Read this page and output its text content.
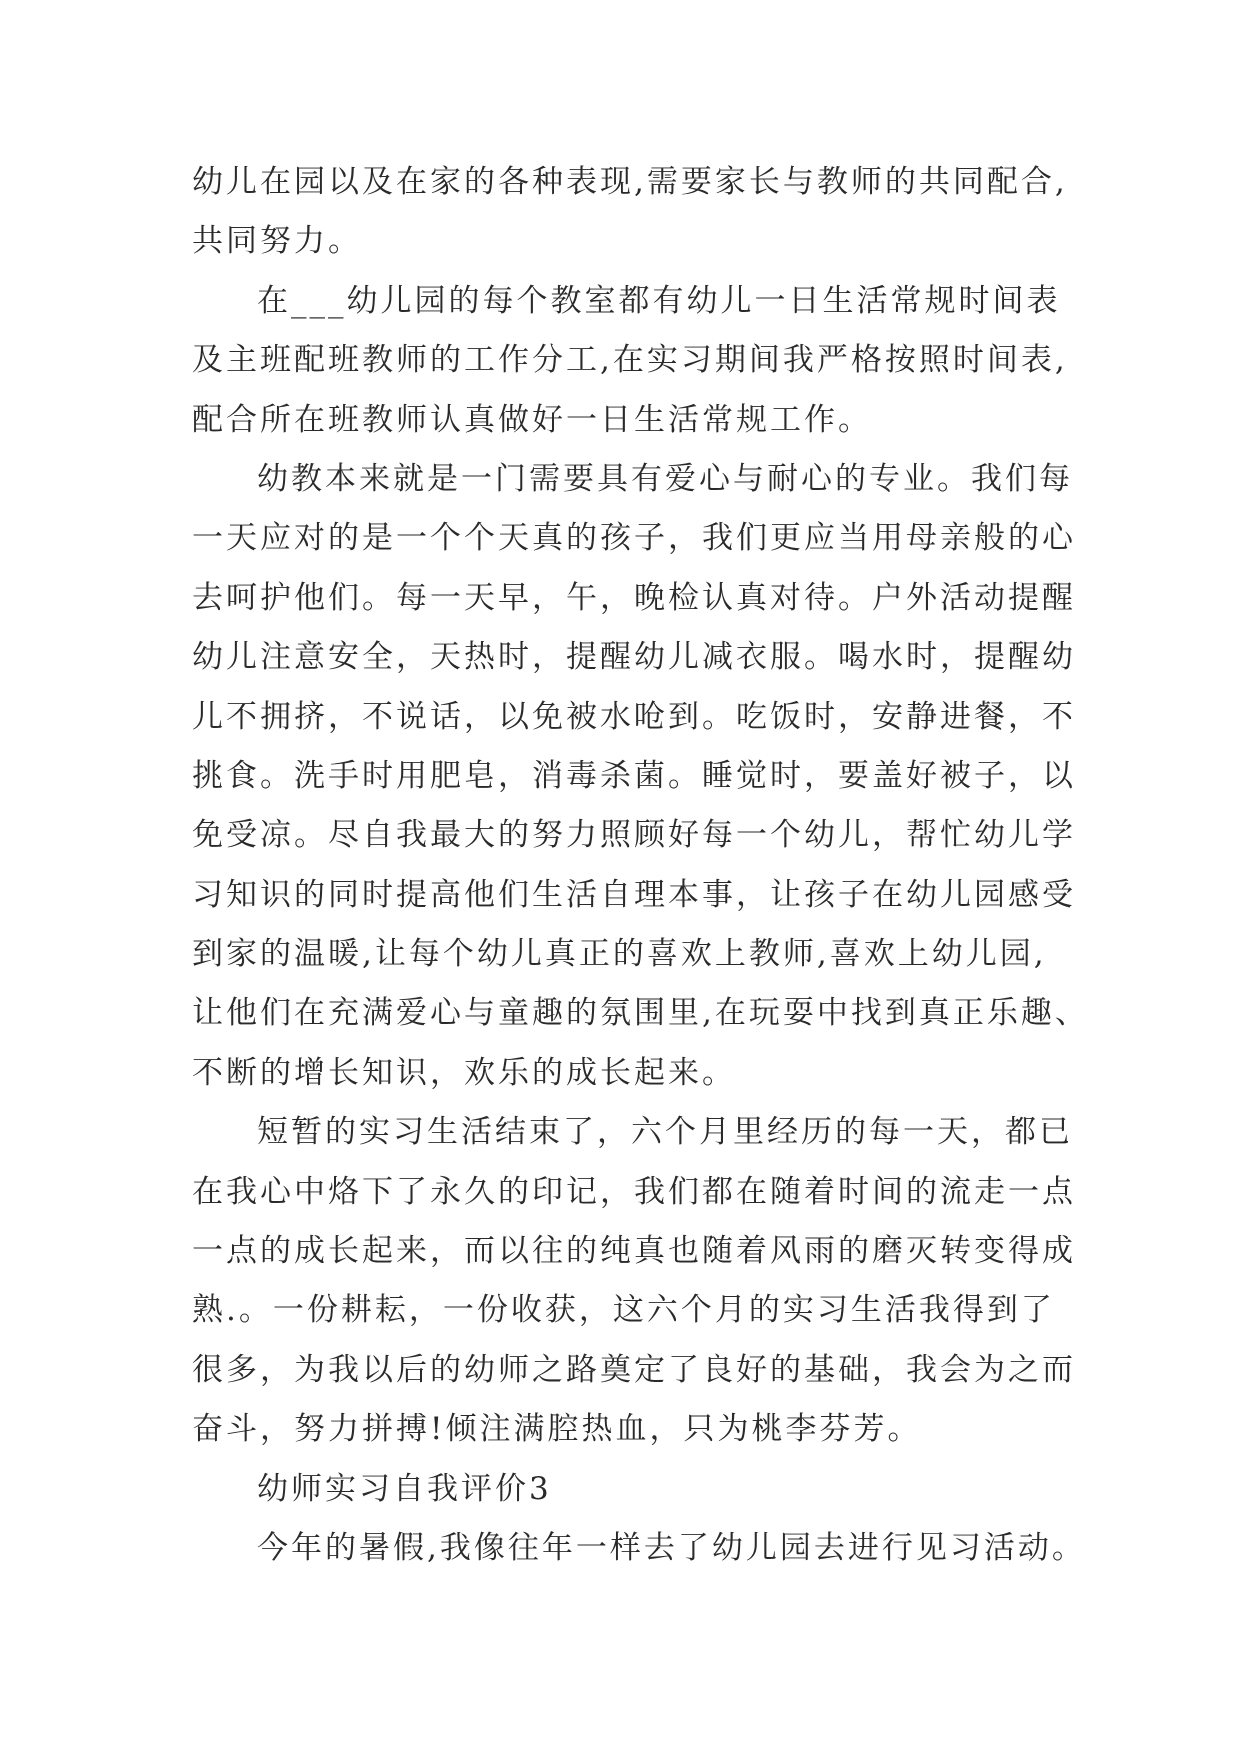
幼儿在园以及在家的各种表现,需要家长与教师的共同配合,
共同努力。
在___幼儿园的每个教室都有幼儿一日生活常规时间表
及主班配班教师的工作分工,在实习期间我严格按照时间表,
配合所在班教师认真做好一日生活常规工作。
幼教本来就是一门需要具有爱心与耐心的专业。我们每
一天应对的是一个个天真的孩子，我们更应当用母亲般的心
去呵护他们。每一天早，午，晚检认真对待。户外活动提醒
幼儿注意安全，天热时，提醒幼儿减衣服。喝水时，提醒幼
儿不拥挤，不说话，以免被水呛到。吃饭时，安静进餐，不
挑食。洗手时用肥皂，消毒杀菌。睡觉时，要盖好被子，以
免受凉。尽自我最大的努力照顾好每一个幼儿，帮忙幼儿学
习知识的同时提高他们生活自理本事，让孩子在幼儿园感受
到家的温暖,让每个幼儿真正的喜欢上教师,喜欢上幼儿园,
让他们在充满爱心与童趣的氛围里,在玩耍中找到真正乐趣、
不断的增长知识，欢乐的成长起来。
短暂的实习生活结束了，六个月里经历的每一天，都已
在我心中烙下了永久的印记，我们都在随着时间的流走一点
一点的成长起来，而以往的纯真也随着风雨的磨灭转变得成
熟.。一份耕耘，一份收获，这六个月的实习生活我得到了
很多，为我以后的幼师之路奠定了良好的基础，我会为之而
奋斗，努力拼搏!倾注满腔热血，只为桃李芬芳。
幼师实习自我评价3
今年的暑假,我像往年一样去了幼儿园去进行见习活动。
